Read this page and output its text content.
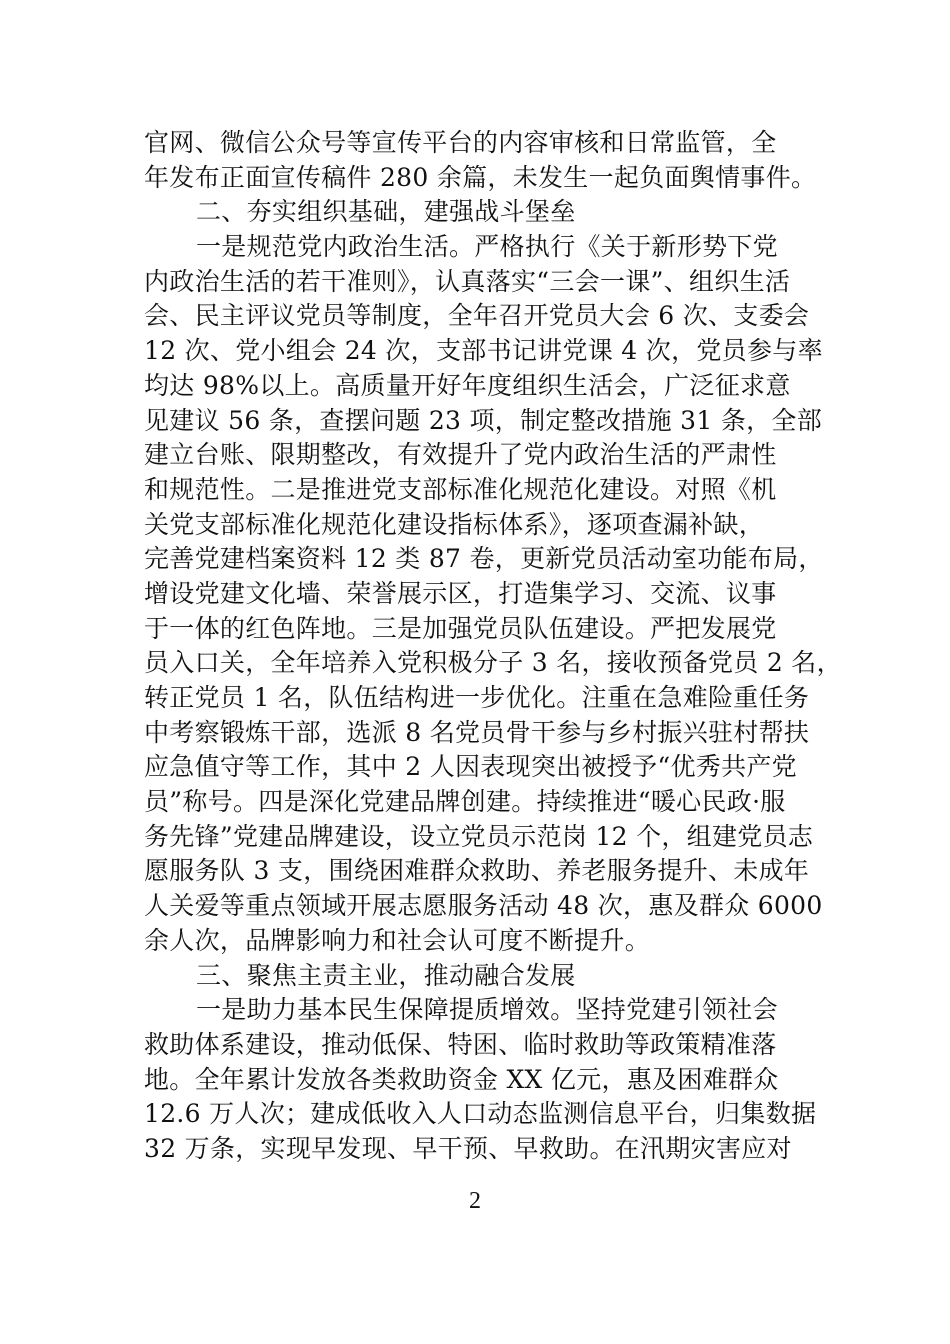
官网、微信公众号等宣传平台的内容审核和日常监管，全
年发布正面宣传稿件 280 余篇，未发生一起负面舆情事件。
二、夯实组织基础，建强战斗堡垒
一是规范党内政治生活。严格执行《关于新形势下党
内政治生活的若干准则》，认真落实“三会一课”、组织生活
会、民主评议党员等制度，全年召开党员大会 6 次、支委会
12 次、党小组会 24 次，支部书记讲党课 4 次，党员参与率
均达 98%以上。高质量开好年度组织生活会，广泛征求意
见建议 56 条，查摆问题 23 项，制定整改措施 31 条，全部
建立台账、限期整改，有效提升了党内政治生活的严肃性
和规范性。二是推进党支部标准化规范化建设。对照《机
关党支部标准化规范化建设指标体系》，逐项查漏补缺，
完善党建档案资料 12 类 87 卷，更新党员活动室功能布局，
增设党建文化墙、荣誉展示区，打造集学习、交流、议事
于一体的红色阵地。三是加强党员队伍建设。严把发展党
员入口关，全年培养入党积极分子 3 名，接收预备党员 2 名，
转正党员 1 名，队伍结构进一步优化。注重在急难险重任务
中考察锻炼干部，选派 8 名党员骨干参与乡村振兴驻村帮扶
应急值守等工作，其中 2 人因表现突出被授予“优秀共产党
员”称号。四是深化党建品牌创建。持续推进“暖心民政·服
务先锋”党建品牌建设，设立党员示范岗 12 个，组建党员志
愿服务队 3 支，围绕困难群众救助、养老服务提升、未成年
人关爱等重点领域开展志愿服务活动 48 次，惠及群众 6000
余人次，品牌影响力和社会认可度不断提升。
三、聚焦主责主业，推动融合发展
一是助力基本民生保障提质增效。坚持党建引领社会
救助体系建设，推动低保、特困、临时救助等政策精准落
地。全年累计发放各类救助资金 XX 亿元，惠及困难群众
12.6 万人次；建成低收入人口动态监测信息平台，归集数据
32 万条，实现早发现、早干预、早救助。在汛期灾害应对
2
